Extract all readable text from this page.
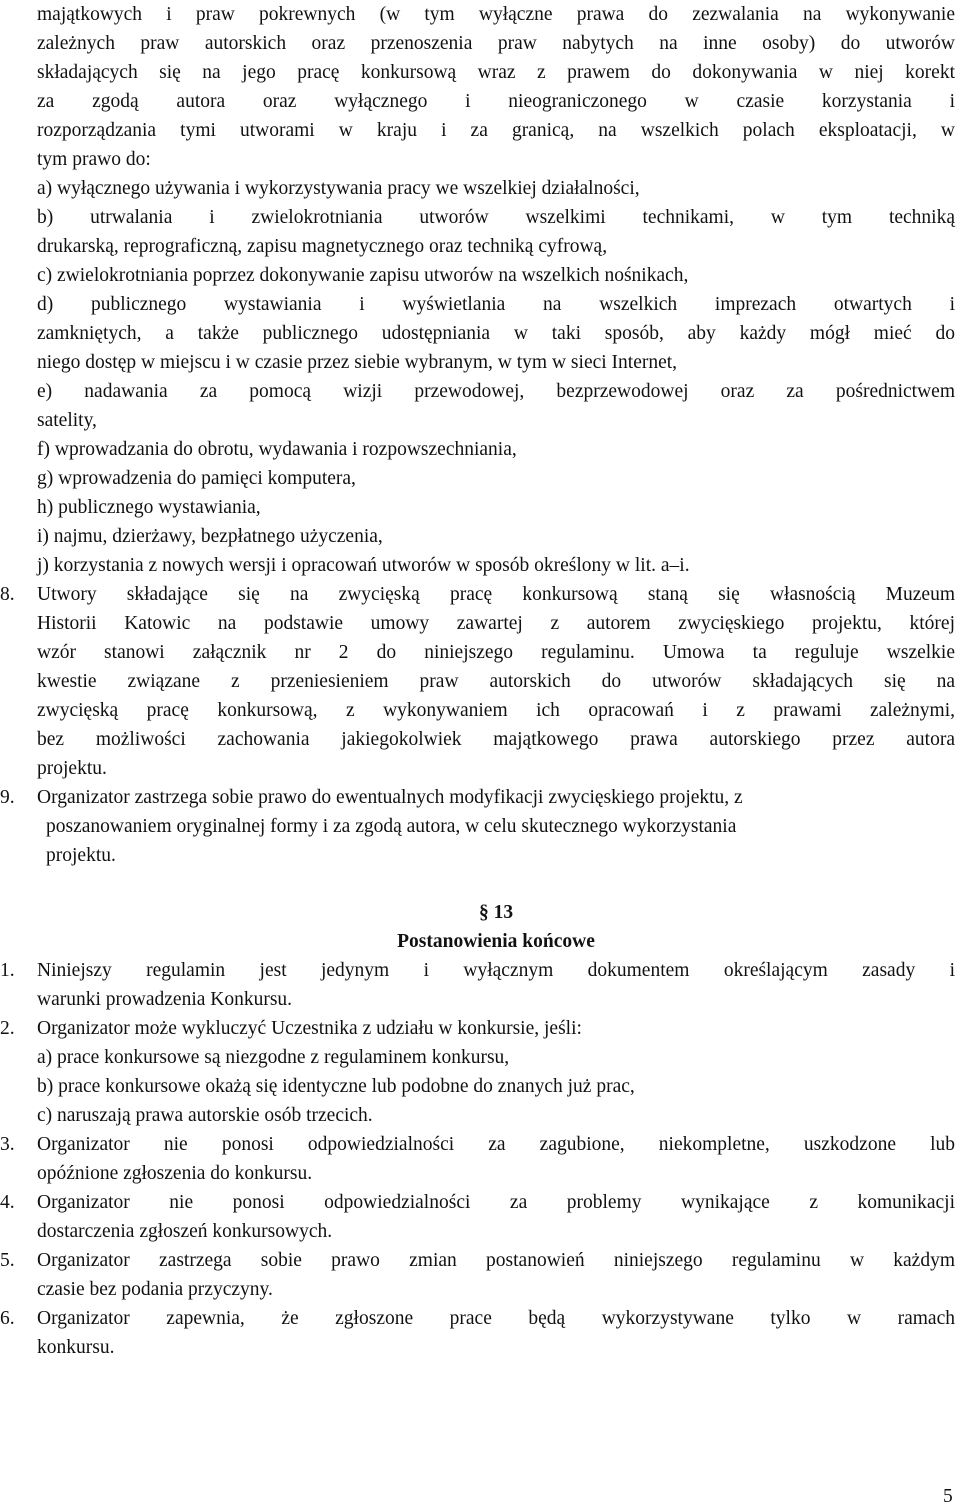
majątkowych i praw pokrewnych (w tym wyłączne prawa do zezwalania na wykonywanie
zależnych praw autorskich oraz przenoszenia praw nabytych na inne osoby) do utworów
składających się na jego pracę konkursową wraz z prawem do dokonywania w niej korekt
za zgodą autora oraz wyłącznego i nieograniczonego w czasie korzystania i
rozporządzania tymi utworami w kraju i za granicą, na wszelkich polach eksploatacji, w
tym prawo do:
a) wyłącznego używania i wykorzystywania pracy we wszelkiej działalności,
b) utrwalania i zwielokrotniania utworów wszelkimi technikami, w tym techniką
drukarską, reprograficzną, zapisu magnetycznego oraz techniką cyfrową,
c) zwielokrotniania poprzez dokonywanie zapisu utworów na wszelkich nośnikach,
d) publicznego wystawiania i wyświetlania na wszelkich imprezach otwartych i
zamkniętych, a także publicznego udostępniania w taki sposób, aby każdy mógł mieć do
niego dostęp w miejscu i w czasie przez siebie wybranym, w tym w sieci Internet,
e) nadawania za pomocą wizji przewodowej, bezprzewodowej oraz za pośrednictwem
satelity,
f) wprowadzania do obrotu, wydawania i rozpowszechniania,
g) wprowadzenia do pamięci komputera,
h) publicznego wystawiania,
i) najmu, dzierżawy, bezpłatnego użyczenia,
j) korzystania z nowych wersji i opracowań utworów w sposób określony w lit. a–i.
8.	Utwory składające się na zwycięską pracę konkursową staną się własnością Muzeum
Historii Katowic na podstawie umowy zawartej z autorem zwycięskiego projektu, której
wzór stanowi załącznik nr 2 do niniejszego regulaminu. Umowa ta reguluje wszelkie
kwestie związane z przeniesieniem praw autorskich do utworów składających się na
zwycięską pracę konkursową, z wykonywaniem ich opracowań i z prawami zależnymi,
bez możliwości zachowania jakiegokolwiek majątkowego prawa autorskiego przez autora
projektu.
9.	Organizator zastrzega sobie prawo do ewentualnych modyfikacji zwycięskiego projektu, z
poszanowaniem oryginalnej formy i za zgodą autora, w celu skutecznego wykorzystania
projektu.
§ 13
Postanowienia końcowe
1.	Niniejszy regulamin jest jedynym i wyłącznym dokumentem określającym zasady i
warunki prowadzenia Konkursu.
2.	Organizator może wykluczyć Uczestnika z udziału w konkursie, jeśli:
a) prace konkursowe są niezgodne z regulaminem konkursu,
b) prace konkursowe okażą się identyczne lub podobne do znanych już prac,
c) naruszają prawa autorskie osób trzecich.
3.	Organizator nie ponosi odpowiedzialności za zagubione, niekompletne, uszkodzone lub
opóźnione zgłoszenia do konkursu.
4.	Organizator nie ponosi odpowiedzialności za problemy wynikające z komunikacji
dostarczenia zgłoszeń konkursowych.
5.	Organizator zastrzega sobie prawo zmian postanowień niniejszego regulaminu w każdym
czasie bez podania przyczyny.
6.	Organizator zapewnia, że zgłoszone prace będą wykorzystywane tylko w ramach
konkursu.
5
